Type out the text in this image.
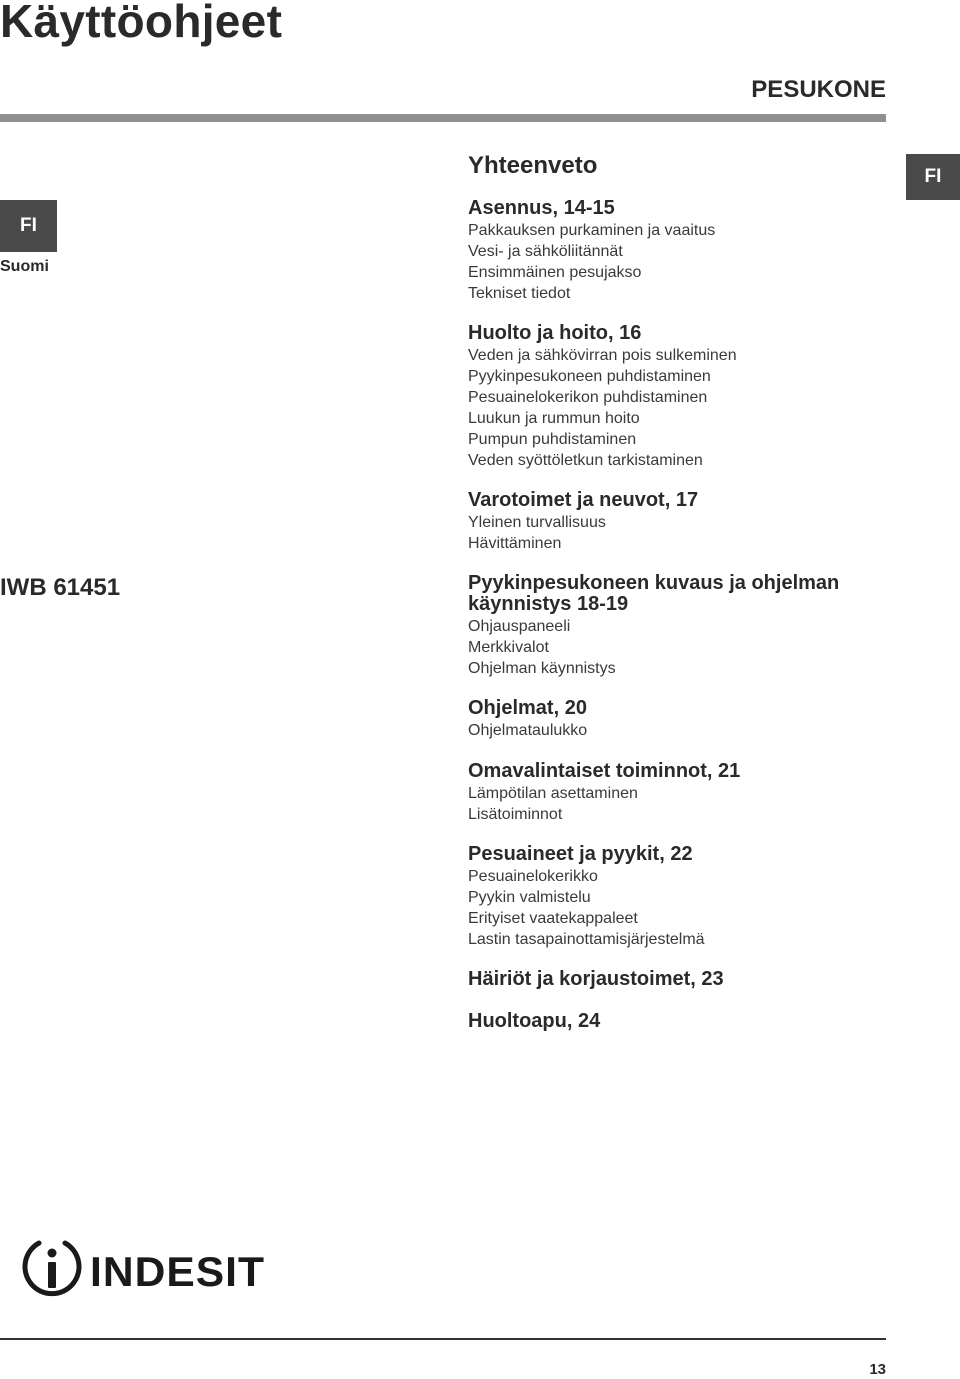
Käyttöohjeet
PESUKONE
FI
Suomi
FI
IWB 61451
Yhteenveto
Asennus, 14-15
Pakkauksen purkaminen ja vaaitus
Vesi- ja sähköliitännät
Ensimmäinen pesujakso
Tekniset tiedot
Huolto ja hoito, 16
Veden ja sähkövirran pois sulkeminen
Pyykinpesukoneen puhdistaminen
Pesuainelokerikon puhdistaminen
Luukun ja rummun hoito
Pumpun puhdistaminen
Veden syöttöletkun tarkistaminen
Varotoimet ja neuvot, 17
Yleinen turvallisuus
Hävittäminen
Pyykinpesukoneen kuvaus ja ohjelman
käynnistys 18-19
Ohjauspaneeli
Merkkivalot
Ohjelman käynnistys
Ohjelmat, 20
Ohjelmataulukko
Omavalintaiset toiminnot, 21
Lämpötilan asettaminen
Lisätoiminnot
Pesuaineet ja pyykit, 22
Pesuainelokerikko
Pyykin valmistelu
Erityiset vaatekappaleet
Lastin tasapainottamisjärjestelmä
Häiriöt ja korjaustoimet, 23
Huoltoapu, 24
INDESIT
13
